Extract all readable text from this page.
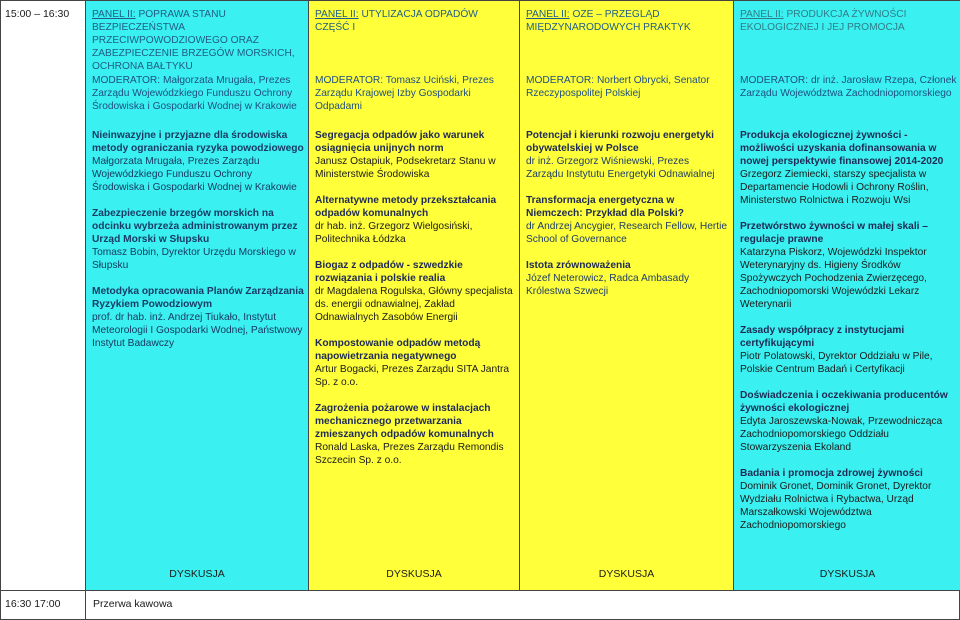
15:00 – 16:30	PANEL II: POPRAWA STANU BEZPIECZEŃSTWA PRZECIWPOWODZIOWEGO ORAZ ZABEZPIECZENIE BRZEGÓW MORSKICH, OCHRONA BAŁTYKU
MODERATOR: Małgorzata Mrugała, Prezes Zarządu Wojewódzkiego Funduszu Ochrony Środowiska i Gospodarki Wodnej w Krakowie
Nieinwazyjne i przyjazne dla środowiska metody ograniczania ryzyka powodziowego
Małgorzata Mrugała, Prezes Zarządu Wojewódzkiego Funduszu Ochrony Środowiska i Gospodarki Wodnej w Krakowie
Zabezpieczenie brzegów morskich na odcinku wybrzeża administrowanym przez Urząd Morski w Słupsku
Tomasz Bobin, Dyrektor Urzędu Morskiego w Słupsku
Metodyka opracowania Planów Zarządzania Ryzykiem Powodziowym
prof. dr hab. inż. Andrzej Tiukało, Instytut Meteorologii I Gospodarki Wodnej, Państwowy Instytut Badawczy
DYSKUSJA
PANEL II: UTYLIZACJA ODPADÓW CZĘŚĆ I
MODERATOR: Tomasz Uciński, Prezes Zarządu Krajowej Izby Gospodarki Odpadami
Segregacja odpadów jako warunek osiągnięcia unijnych norm
Janusz Ostapiuk, Podsekretarz Stanu w Ministerstwie Środowiska
Alternatywne metody przekształcania odpadów komunalnych
dr hab. inż. Grzegorz Wielgosiński, Politechnika Łódzka
Biogaz z odpadów - szwedzkie rozwiązania i polskie realia
dr Magdalena Rogulska, Główny specjalista ds. energii odnawialnej, Zakład Odnawialnych Zasobów Energii
Kompostowanie odpadów metodą napowietrzania negatywnego
Artur Bogacki, Prezes Zarządu SITA Jantra Sp. z o.o.
Zagrożenia pożarowe w instalacjach mechanicznego przetwarzania zmieszanych odpadów komunalnych
Ronald Laska, Prezes Zarządu Remondis Szczecin Sp. z o.o.
DYSKUSJA
PANEL II: OZE – PRZEGLĄD MIĘDZYNARODOWYCH PRAKTYK
MODERATOR: Norbert Obrycki, Senator Rzeczypospolitej Polskiej
Potencjał i kierunki rozwoju energetyki obywatelskiej w Polsce
dr inż. Grzegorz Wiśniewski, Prezes Zarządu Instytutu Energetyki Odnawialnej
Transformacja energetyczna w Niemczech: Przykład dla Polski?
dr Andrzej Ancygier, Research Fellow, Hertie School of Governance
Istota zrównoważenia
Józef Neterowicz, Radca Ambasady Królestwa Szwecji
DYSKUSJA
PANEL II: PRODUKCJA ŻYWNOŚCI EKOLOGICZNEJ I JEJ PROMOCJA
MODERATOR: dr inż. Jarosław Rzepa, Członek Zarządu Województwa Zachodniopomorskiego
Produkcja ekologicznej żywności - możliwości uzyskania dofinansowania w nowej perspektywie finansowej 2014-2020
Grzegorz Ziemiecki, starszy specjalista w Departamencie Hodowli i Ochrony Roślin, Ministerstwo Rolnictwa i Rozwoju Wsi
Przetwórstwo żywności w małej skali – regulacje prawne
Katarzyna Piskorz, Wojewódzki Inspektor Weterynaryjny ds. Higieny Środków Spożywczych Pochodzenia Zwierzęcego, Zachodniopomorski Wojewódzki Lekarz Weterynarii
Zasady współpracy z instytucjami certyfikującymi
Piotr Polatowski, Dyrektor Oddziału w Pile, Polskie Centrum Badań i Certyfikacji
Doświadczenia i oczekiwania producentów żywności ekologicznej
Edyta Jaroszewska-Nowak, Przewodnicząca Zachodniopomorskiego Oddziału Stowarzyszenia Ekoland
Badania i promocja zdrowej żywności
Dominik Gronet, Dominik Gronet, Dyrektor Wydziału Rolnictwa i Rybactwa, Urząd Marszałkowski Województwa Zachodniopomorskiego
DYSKUSJA
16:30 17:00	Przerwa kawowa
